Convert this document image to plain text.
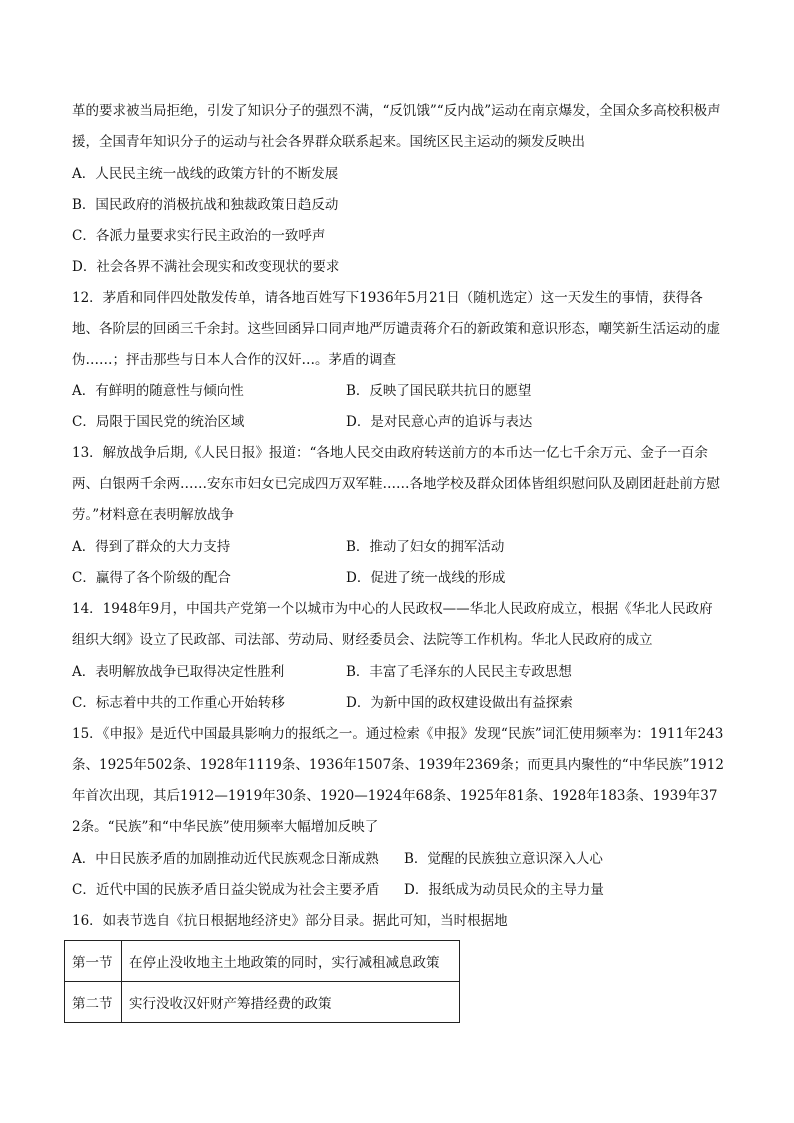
革的要求被当局拒绝，引发了知识分子的强烈不满，“反饥饿”“反内战”运动在南京爆发，全国众多高校积极声援，全国青年知识分子的运动与社会各界群众联系起来。国统区民主运动的频发反映出

A．人民民主统一战线的政策方针的不断发展
B．国民政府的消极抗战和独裁政策日趋反动
C．各派力量要求实行民主政治的一致呼声
D．社会各界不满社会现实和改变现状的要求

12．茅盾和同伴四处散发传单，请各地百姓写下1936年5月21日（随机选定）这一天发生的事情，获得各地、各阶层的回函三千余封。这些回函异口同声地严厉谴责蒋介石的新政策和意识形态，嘲笑新生活运动的虚伪……；抨击那些与日本人合作的汉奸…。茅盾的调查

A．有鲜明的随意性与倾向性	B．反映了国民联共抗日的愿望
C．局限于国民党的统治区域	D．是对民意心声的追诉与表达

13．解放战争后期,《人民日报》报道：“各地人民交由政府转送前方的本币达一亿七千余万元、金子一百余两、白银两千余两……安东市妇女已完成四万双军鞋……各地学校及群众团体皆组织慰问队及剧团赶赴前方慰劳。”材料意在表明解放战争

A．得到了群众的大力支持	B．推动了妇女的拥军活动
C．赢得了各个阶级的配合	D．促进了统一战线的形成

14．1948年9月，中国共产党第一个以城市为中心的人民政权——华北人民政府成立，根据《华北人民政府组织大纲》设立了民政部、司法部、劳动局、财经委员会、法院等工作机构。华北人民政府的成立

A．表明解放战争已取得决定性胜利	B．丰富了毛泽东的人民民主专政思想
C．标志着中共的工作重心开始转移	D．为新中国的政权建设做出有益探索

15．《申报》是近代中国最具影响力的报纸之一。通过检索《申报》发现“民族”词汇使用频率为：1911年243条、1925年502条、1928年1119条、1936年1507条、1939年2369条；而更具内聚性的“中华民族”1912年首次出现，其后1912—1919年30条、1920—1924年68条、1925年81条、1928年183条、1939年372条。“民族”和“中华民族”使用频率大幅增加反映了

A．中日民族矛盾的加剧推动近代民族观念日渐成熟 B．觉醒的民族独立意识深入人心
C．近代中国的民族矛盾日益尖锐成为社会主要矛盾 D．报纸成为动员民众的主导力量
16．如表节选自《抗日根据地经济史》部分目录。据此可知，当时根据地
第一节	在停止没收地主土地政策的同时，实行减租减息政策
第二节	实行没收汉奸财产筹措经费的政策
